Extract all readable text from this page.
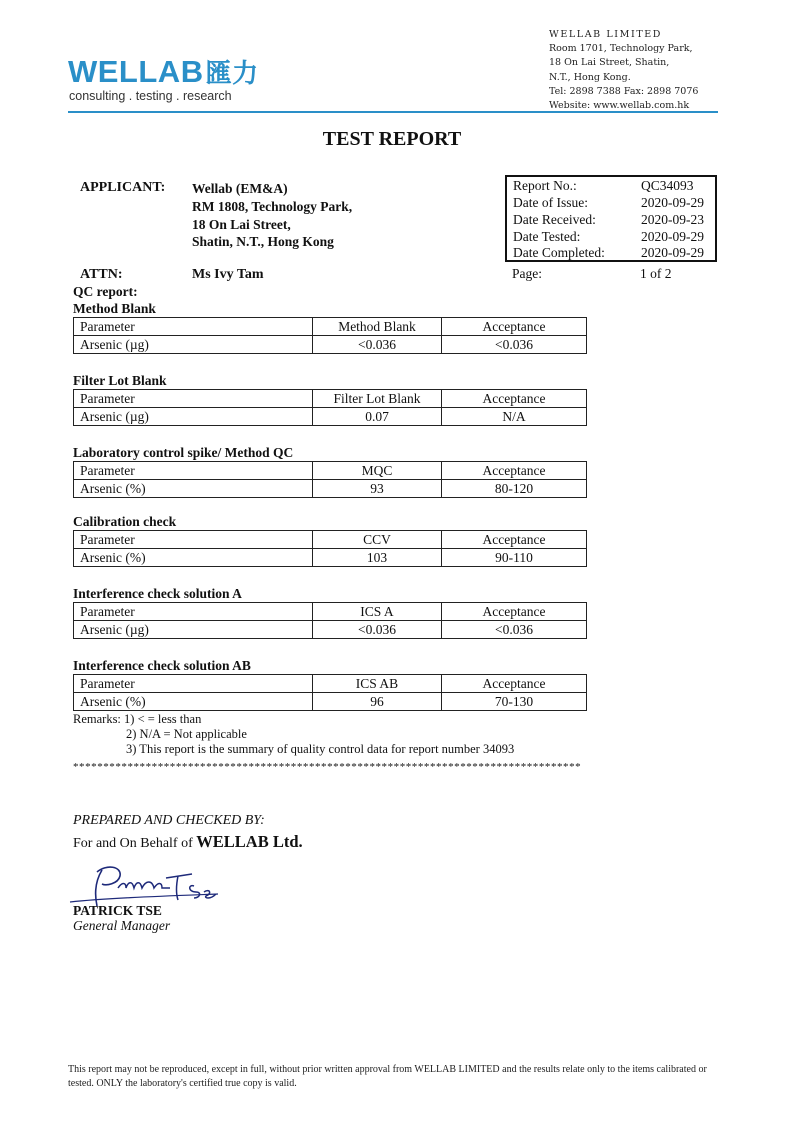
WELLAB匯力
consulting . testing . research
WELLAB LIMITED
Room 1701, Technology Park,
18 On Lai Street, Shatin,
N.T., Hong Kong.
Tel: 2898 7388 Fax: 2898 7076
Website: www.wellab.com.hk
TEST REPORT
APPLICANT: Wellab (EM&A)
RM 1808, Technology Park,
18 On Lai Street,
Shatin, N.T., Hong Kong
ATTN:	Ms Ivy Tam
Report No.:	QC34093
Date of Issue:	2020-09-29
Date Received:	2020-09-23
Date Tested:	2020-09-29
Date Completed:	2020-09-29
Page:	1 of 2
QC report:
Method Blank
Parameter	Method Blank	Acceptance
Arsenic (µg)	<0.036	<0.036
Filter Lot Blank
Parameter	Filter Lot Blank	Acceptance
Arsenic (µg)	0.07	N/A
Laboratory control spike/ Method QC
Parameter	MQC	Acceptance
Arsenic (%)	93	80-120
Calibration check
Parameter	CCV	Acceptance
Arsenic (%)	103	90-110
Interference check solution A
Parameter	ICS A	Acceptance
Arsenic (µg)	<0.036	<0.036
Interference check solution AB
Parameter	ICS AB	Acceptance
Arsenic (%)	96	70-130
Remarks: 1) < = less than
2) N/A = Not applicable
3) This report is the summary of quality control data for report number 34093
************************************************************************************
PREPARED AND CHECKED BY:
For and On Behalf of WELLAB Ltd.
PATRICK TSE
General Manager
This report may not be reproduced, except in full, without prior written approval from WELLAB LIMITED and the results relate only to the items calibrated or tested. ONLY the laboratory's certified true copy is valid.
